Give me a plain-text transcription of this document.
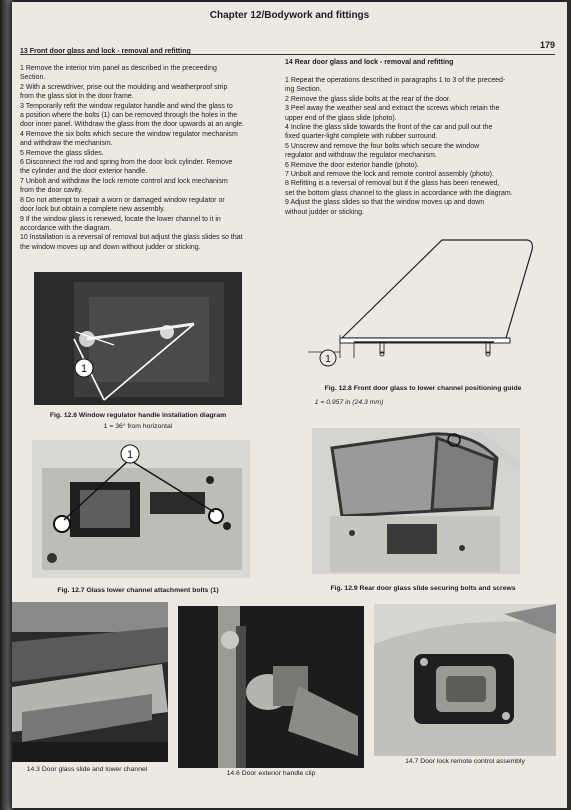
Chapter 12/Bodywork and fittings
179
13 Front door glass and lock - removal and refitting
1 Remove the interior trim panel as described in the preceeding
Section.
2 With a screwdriver, prise out the moulding and weatherproof strip
from the glass slot in the door frame.
3 Temporarily refit the window regulator handle and wind the glass to
a position where the bolts (1) can be removed through the holes in the
door inner panel. Withdraw the glass from the door upwards at an angle.
4 Remove the six bolts which secure the window regulator mechanism
and withdraw the mechanism.
5 Remove the glass slides.
6 Disconnect the rod and spring from the door lock cylinder. Remove
the cylinder and the door exterior handle.
7 Unbolt and withdraw the lock remote control and lock mechanism
from the door cavity.
8 Do not attempt to repair a worn or damaged window regulator or
door lock but obtain a complete new assembly.
9 If the window glass is renewed, locate the lower channel to it in
accordance with the diagram.
10 Installation is a reversal of removal but adjust the glass slides so that
the window moves up and down without judder or sticking.
14 Rear door glass and lock - removal and refitting
1 Repeat the operations described in paragraphs 1 to 3 of the preceed-
ing Section.
2 Remove the glass slide bolts at the rear of the door.
3 Peel away the weather seal and extract the screws which retain the
upper end of the glass slide (photo).
4 Incline the glass slide towards the front of the car and pull out the
fixed quarter-light complete with rubber surround.
5 Unscrew and remove the four bolts which secure the window
regulator and withdraw the regulator mechanism.
6 Remove the door exterior handle (photo).
7 Unbolt and remove the lock and remote control assembly (photo).
8 Refitting is a reversal of removal but if the glass has been renewed,
set the bottom glass channel to the glass in accordance with the diagram.
9 Adjust the glass slides so that the window moves up and down
without judder or sticking.
1
Fig. 12.6 Window regulator handle installation diagram
1 = 36° from horizontal
1
Fig. 12.7 Glass lower channel attachment bolts (1)
1
Fig. 12.8 Front door glass to lower channel positioning guide
1 = 0.957 in (24.3 mm)
Fig. 12.9 Rear door glass slide securing bolts and screws
14.3 Door glass slide and lower channel
14.6 Door exterior handle clip
14.7 Door lock remote control assembly
